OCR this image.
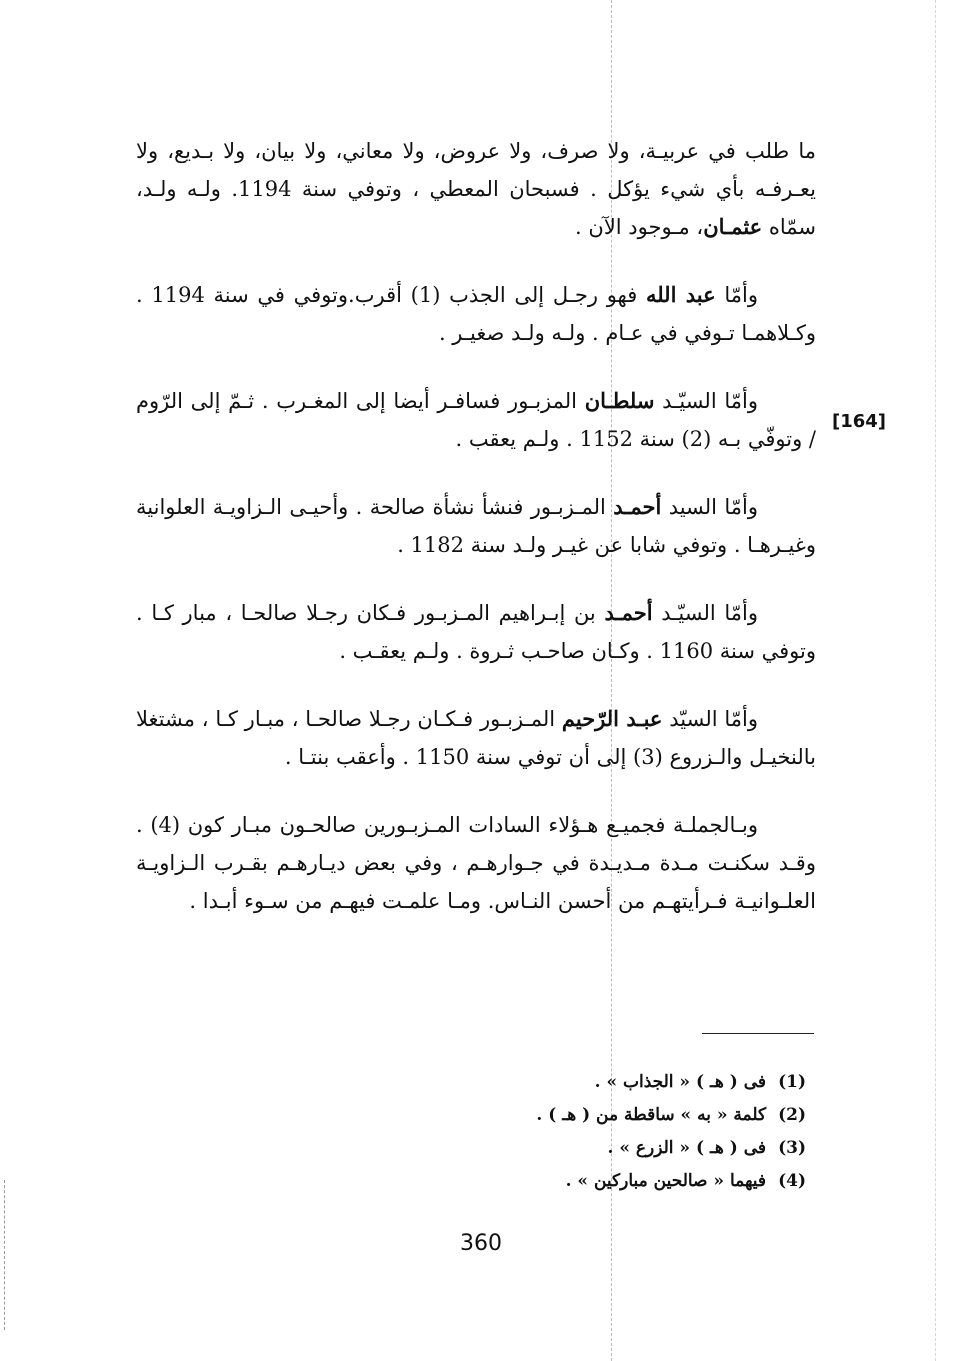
[164]
ما طلب في عربيـة، ولا صرف، ولا عروض، ولا معاني، ولا بيان، ولا بـديع، ولا يعـرفـه بأي شيء يؤكل . فسبحان المعطي ، وتوفي سنة 1194. ولـه ولـد، سمّاه عثمـان، مـوجود الآن .
وأمّا عبد الله فهو رجـل إلى الجذب (1) أقرب.وتوفي في سنة 1194 . وكـلاهمـا تـوفي في عـام . ولـه ولـد صغيـر .
وأمّا السيّـد سلطـان المزبـور فسافـر أيضا إلى المغـرب . ثـمّ إلى الرّوم / وتوفّي بـه (2) سنة 1152 . ولـم يعقب .
وأمّا السيد أحمـد المـزبـور فنشأ نشأة صالحة . وأحيـى الـزاويـة العلوانية وغيـرهـا . وتوفي شابا عن غيـر ولـد سنة 1182 .
وأمّا السيّـد أحمـد بن إبـراهيم المـزبـور فـكان رجـلا صالحـا ، مبار كـا . وتوفي سنة 1160 . وكـان صاحـب ثـروة . ولـم يعقـب .
وأمّا السيّد عبـد الرّحيم المـزبـور فـكـان رجـلا صالحـا ، مبـار كـا ، مشتغلا بالنخيـل والـزروع (3) إلى أن توفي سنة 1150 . وأعقب بنتـا .
وبـالجملـة فجميـع هـؤلاء السادات المـزبـورين صالحـون مبـار كون (4) . وقـد سكنـت مـدة مـديـدة في جـوارهـم ، وفي بعض ديـارهـم بقـرب الـزاويـة العلـوانيـة فـرأيتهـم من أحسن النـاس. ومـا علمـت فيهـم من سـوء أبـدا .
(1)فى ( هـ ) « الجذاب » .
(2)كلمة « به » ساقطة من ( هـ ) .
(3)فى ( هـ ) « الزرع » .
(4)فيهما « صالحين مباركين » .
360
